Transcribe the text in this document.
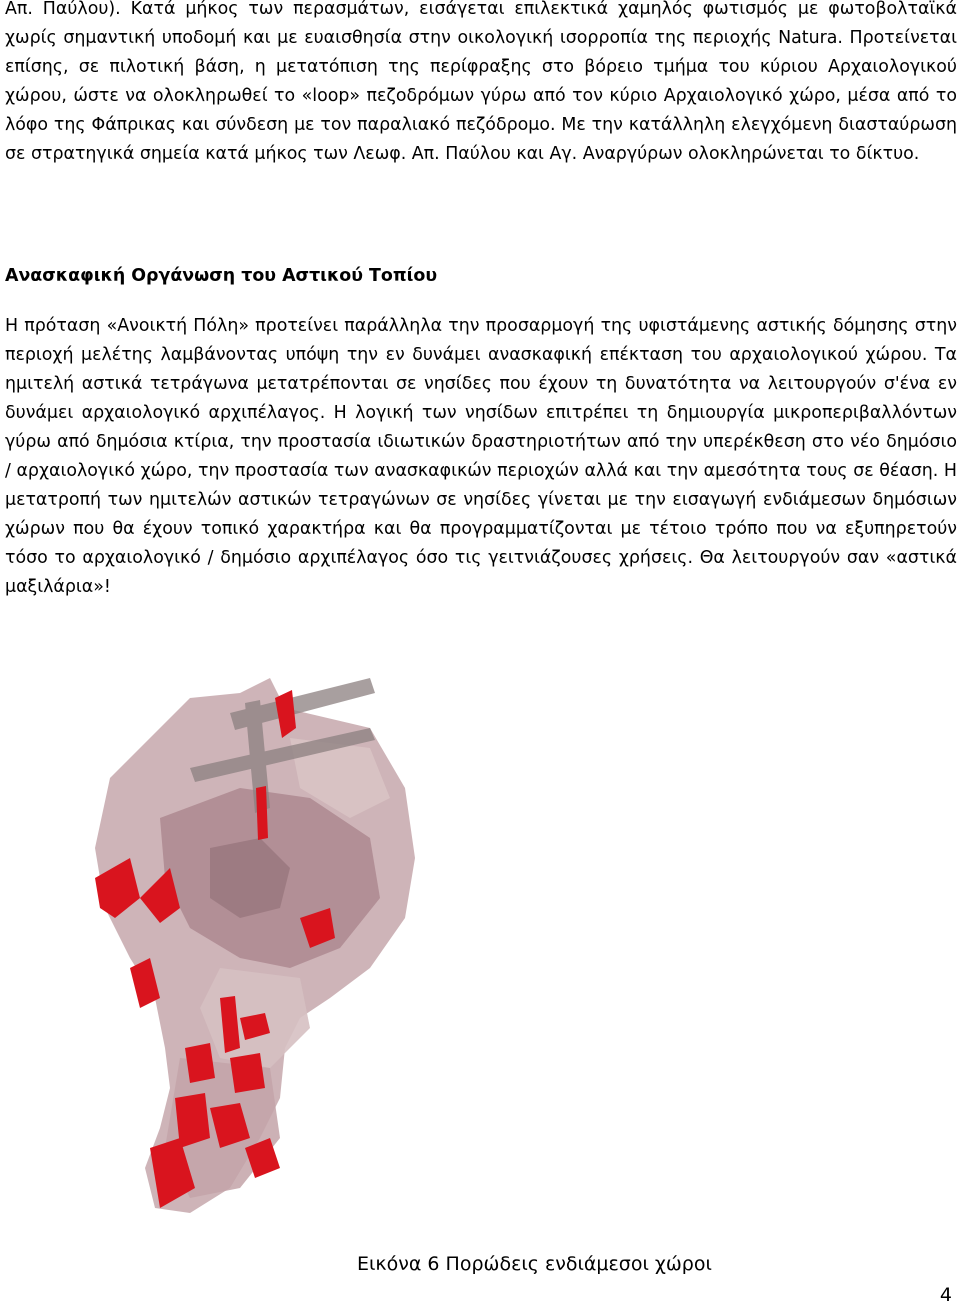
Απ. Παύλου). Κατά μήκος των περασμάτων, εισάγεται επιλεκτικά χαμηλός φωτισμός με φωτοβολταϊκά χωρίς σημαντική υποδομή και με ευαισθησία στην οικολογική ισορροπία της περιοχής Natura. Προτείνεται επίσης, σε πιλοτική βάση, η μετατόπιση της περίφραξης στο βόρειο τμήμα του κύριου Αρχαιολογικού χώρου, ώστε να ολοκληρωθεί το «loop» πεζοδρόμων γύρω από τον κύριο Αρχαιολογικό χώρο, μέσα από το λόφο της Φάπρικας και σύνδεση με τον παραλιακό πεζόδρομο. Με την κατάλληλη ελεγχόμενη διασταύρωση σε στρατηγικά σημεία κατά μήκος των Λεωφ. Απ. Παύλου και Αγ. Αναργύρων ολοκληρώνεται το δίκτυο.

Ανασκαφική Οργάνωση του Αστικού Τοπίου

Η πρόταση «Ανοικτή Πόλη» προτείνει παράλληλα την προσαρμογή της υφιστάμενης αστικής δόμησης στην περιοχή μελέτης λαμβάνοντας υπόψη την εν δυνάμει ανασκαφική επέκταση του αρχαιολογικού χώρου. Τα ημιτελή αστικά τετράγωνα μετατρέπονται σε νησίδες που έχουν τη δυνατότητα να λειτουργούν σ'ένα εν δυνάμει αρχαιολογικό αρχιπέλαγος. Η λογική των νησίδων επιτρέπει τη δημιουργία μικροπεριβαλλόντων γύρω από δημόσια κτίρια, την προστασία ιδιωτικών δραστηριοτήτων από την υπερέκθεση στο νέο δημόσιο / αρχαιολογικό χώρο, την προστασία των ανασκαφικών περιοχών αλλά και την αμεσότητα τους σε θέαση. Η μετατροπή των ημιτελών αστικών τετραγώνων σε νησίδες γίνεται με την εισαγωγή ενδιάμεσων δημόσιων χώρων που θα έχουν τοπικό χαρακτήρα και θα προγραμματίζονται με τέτοιο τρόπο που να εξυπηρετούν τόσο το αρχαιολογικό / δημόσιο αρχιπέλαγος όσο τις γειτνιάζουσες χρήσεις. Θα λειτουργούν σαν «αστικά μαξιλάρια»!

Εικόνα 6 Πορώδεις ενδιάμεσοι χώροι

4
